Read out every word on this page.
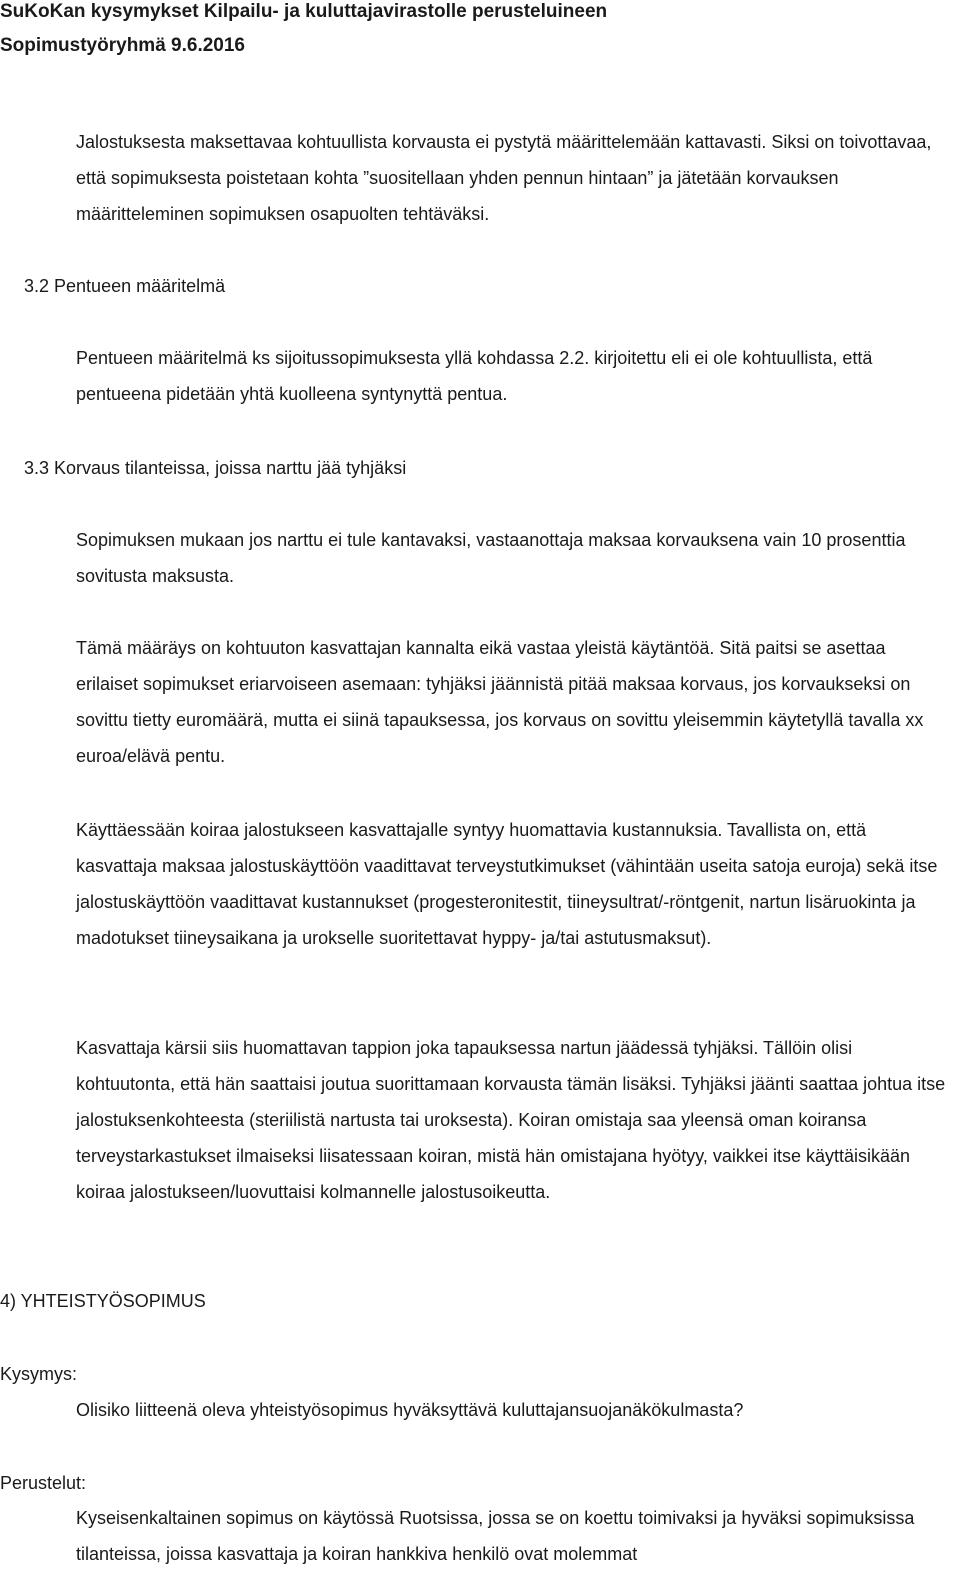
SuKoKan kysymykset Kilpailu- ja kuluttajavirastolle perusteluineen
Sopimustyöryhmä 9.6.2016

Jalostuksesta maksettavaa kohtuullista korvausta ei pystytä määrittelemään kattavasti. Siksi on toivottavaa, että sopimuksesta poistetaan kohta ”suositellaan yhden pennun hintaan” ja jätetään korvauksen määritteleminen sopimuksen osapuolten tehtäväksi.

3.2 Pentueen määritelmä

Pentueen määritelmä ks sijoitussopimuksesta yllä kohdassa 2.2. kirjoitettu eli ei ole kohtuullista, että pentueena pidetään yhtä kuolleena syntynyttä pentua.

3.3 Korvaus tilanteissa, joissa narttu jää tyhjäksi

Sopimuksen mukaan jos narttu ei tule kantavaksi, vastaanottaja maksaa korvauksena vain 10 prosenttia sovitusta maksusta.

Tämä määräys on kohtuuton kasvattajan kannalta eikä vastaa yleistä käytäntöä. Sitä paitsi se asettaa erilaiset sopimukset eriarvoiseen asemaan: tyhjäksi jäännistä pitää maksaa korvaus, jos korvaukseksi on sovittu tietty euromäärä, mutta ei siinä tapauksessa, jos korvaus on sovittu yleisemmin käytetyllä tavalla xx euroa/elävä pentu.

Käyttäessään koiraa jalostukseen kasvattajalle syntyy huomattavia kustannuksia. Tavallista on, että kasvattaja maksaa jalostuskäyttöön vaadittavat terveystutkimukset (vähintään useita satoja euroja) sekä itse jalostuskäyttöön vaadittavat kustannukset (progesteronitestit, tiineysultrat/-röntgenit, nartun lisäruokinta ja madotukset tiineysaikana ja urokselle suoritettavat hyppy- ja/tai astutusmaksut).

Kasvattaja kärsii siis huomattavan tappion joka tapauksessa nartun jäädessä tyhjäksi. Tällöin olisi kohtuutonta, että hän saattaisi joutua suorittamaan korvausta tämän lisäksi. Tyhjäksi jäänti saattaa johtua itse jalostuksenkohteesta (steriilistä nartusta tai uroksesta). Koiran omistaja saa yleensä oman koiransa terveystarkastukset ilmaiseksi liisatessaan koiran, mistä hän omistajana hyötyy, vaikkei itse käyttäisikään koiraa jalostukseen/luovuttaisi kolmannelle jalostusoikeutta.

4) YHTEISTYÖSOPIMUS
Kysymys:

Olisiko liitteenä oleva yhteistyösopimus hyväksyttävä kuluttajansuojanäkökulmasta?

Perustelut:

Kyseisenkaltainen sopimus on käytössä Ruotsissa, jossa se on koettu toimivaksi ja hyväksi sopimuksissa tilanteissa, joissa kasvattaja ja koiran hankkiva henkilö ovat molemmat
